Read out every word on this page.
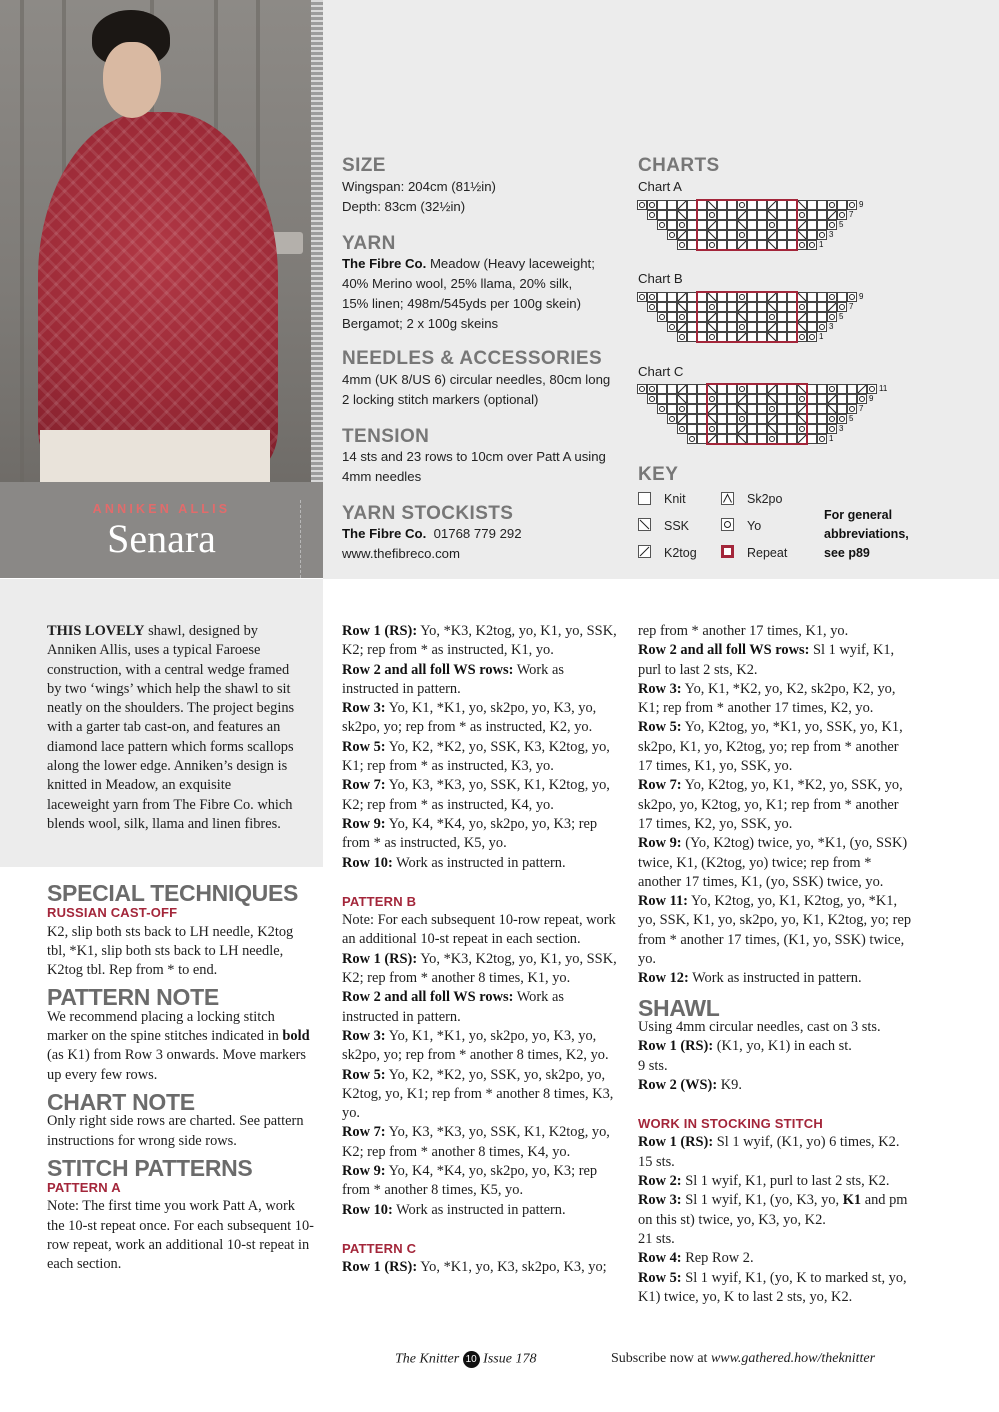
ANNIKEN ALLIS
Senara
SIZE
Wingspan: 204cm (81½in)
Depth: 83cm (32½in)
YARN
The Fibre Co. Meadow (Heavy laceweight;
40% Merino wool, 25% llama, 20% silk,
15% linen; 498m/545yds per 100g skein)
Bergamot; 2 x 100g skeins
NEEDLES & ACCESSORIES
4mm (UK 8/US 6) circular needles, 80cm long
2 locking stitch markers (optional)
TENSION
14 sts and 23 rows to 10cm over Patt A using
4mm needles
YARN STOCKISTS
The Fibre Co. 01768 779 292
www.thefibreco.com
CHARTS
Chart A
9
7
5
3
1
Chart B
9
7
5
3
1
Chart C
11
9
7
5
3
1
KEY
Knit
SSK
K2tog
Sk2po
Yo
Repeat
For general
abbreviations,
see p89
THIS LOVELY shawl, designed by Anniken Allis, uses a typical Faroese construction, with a central wedge framed by two ‘wings’ which help the shawl to sit neatly on the shoulders. The project begins with a garter tab cast-on, and features an diamond lace pattern which forms scallops along the lower edge. Anniken’s design is knitted in Meadow, an exquisite laceweight yarn from The Fibre Co. which blends wool, silk, llama and linen fibres.
SPECIAL TECHNIQUES
RUSSIAN CAST-OFF

K2, slip both sts back to LH needle, K2tog tbl, *K1, slip both sts back to LH needle, K2tog tbl. Rep from * to end.

PATTERN NOTE

We recommend placing a locking stitch marker on the spine stitches indicated in bold (as K1) from Row 3 onwards. Move markers up every few rows.

CHART NOTE

Only right side rows are charted. See pattern instructions for wrong side rows.

STITCH PATTERNS
PATTERN A

Note: The first time you work Patt A, work the 10-st repeat once. For each subsequent 10-row repeat, work an additional 10-st repeat in each section.

Row 1 (RS): Yo, *K3, K2tog, yo, K1, yo, SSK, K2; rep from * as instructed, K1, yo.

Row 2 and all foll WS rows: Work as instructed in pattern.

Row 3: Yo, K1, *K1, yo, sk2po, yo, K3, yo, sk2po, yo; rep from * as instructed, K2, yo.

Row 5: Yo, K2, *K2, yo, SSK, K3, K2tog, yo, K1; rep from * as instructed, K3, yo.

Row 7: Yo, K3, *K3, yo, SSK, K1, K2tog, yo, K2; rep from * as instructed, K4, yo.

Row 9: Yo, K4, *K4, yo, sk2po, yo, K3; rep from * as instructed, K5, yo.

Row 10: Work as instructed in pattern.

PATTERN B

Note: For each subsequent 10-row repeat, work an additional 10-st repeat in each section.

Row 1 (RS): Yo, *K3, K2tog, yo, K1, yo, SSK, K2; rep from * another 8 times, K1, yo.

Row 2 and all foll WS rows: Work as instructed in pattern.

Row 3: Yo, K1, *K1, yo, sk2po, yo, K3, yo, sk2po, yo; rep from * another 8 times, K2, yo.

Row 5: Yo, K2, *K2, yo, SSK, yo, sk2po, yo, K2tog, yo, K1; rep from * another 8 times, K3, yo.

Row 7: Yo, K3, *K3, yo, SSK, K1, K2tog, yo, K2; rep from * another 8 times, K4, yo.

Row 9: Yo, K4, *K4, yo, sk2po, yo, K3; rep from * another 8 times, K5, yo.

Row 10: Work as instructed in pattern.

PATTERN C

Row 1 (RS): Yo, *K1, yo, K3, sk2po, K3, yo;

rep from * another 17 times, K1, yo.

Row 2 and all foll WS rows: Sl 1 wyif, K1, purl to last 2 sts, K2.

Row 3: Yo, K1, *K2, yo, K2, sk2po, K2, yo, K1; rep from * another 17 times, K2, yo.

Row 5: Yo, K2tog, yo, *K1, yo, SSK, yo, K1, sk2po, K1, yo, K2tog, yo; rep from * another 17 times, K1, yo, SSK, yo.

Row 7: Yo, K2tog, yo, K1, *K2, yo, SSK, yo, sk2po, yo, K2tog, yo, K1; rep from * another 17 times, K2, yo, SSK, yo.

Row 9: (Yo, K2tog) twice, yo, *K1, (yo, SSK) twice, K1, (K2tog, yo) twice; rep from * another 17 times, K1, (yo, SSK) twice, yo.

Row 11: Yo, K2tog, yo, K1, K2tog, yo, *K1, yo, SSK, K1, yo, sk2po, yo, K1, K2tog, yo; rep from * another 17 times, (K1, yo, SSK) twice, yo.

Row 12: Work as instructed in pattern.

SHAWL

Using 4mm circular needles, cast on 3 sts.

Row 1 (RS): (K1, yo, K1) in each st.

9 sts.

Row 2 (WS): K9.

WORK IN STOCKING STITCH

Row 1 (RS): Sl 1 wyif, (K1, yo) 6 times, K2.

15 sts.

Row 2: Sl 1 wyif, K1, purl to last 2 sts, K2.

Row 3: Sl 1 wyif, K1, (yo, K3, yo, K1 and pm on this st) twice, yo, K3, yo, K2.

21 sts.

Row 4: Rep Row 2.

Row 5: Sl 1 wyif, K1, (yo, K to marked st, yo, K1) twice, yo, K to last 2 sts, yo, K2.

The Knitter 10 Issue 178	Subscribe now at www.gathered.how/theknitter
